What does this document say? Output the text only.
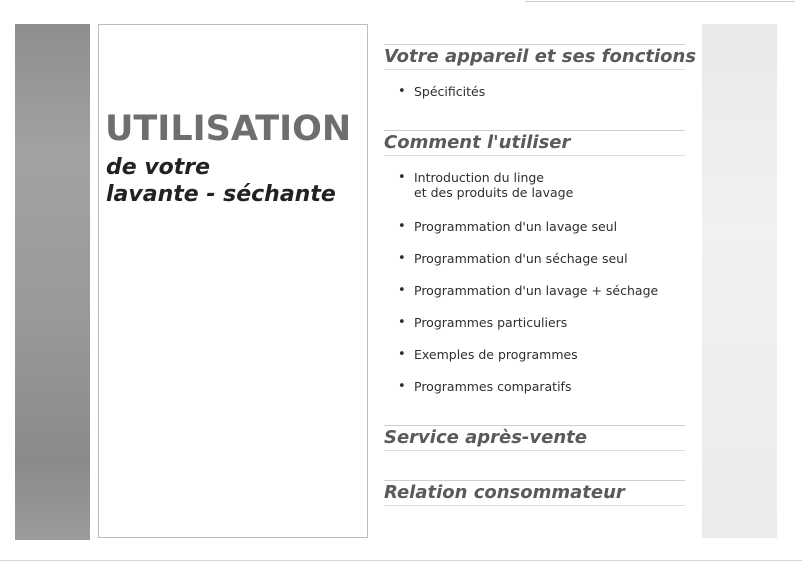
UTILISATION
de votre
lavante - séchante
Votre appareil et ses fonctions
• Spécificités
Comment l'utiliser
• Introduction du linge
et des produits de lavage
• Programmation d'un lavage seul
• Programmation d'un séchage seul
• Programmation d'un lavage + séchage
• Programmes particuliers
• Exemples de programmes
• Programmes comparatifs
Service après-vente
Relation consommateur
